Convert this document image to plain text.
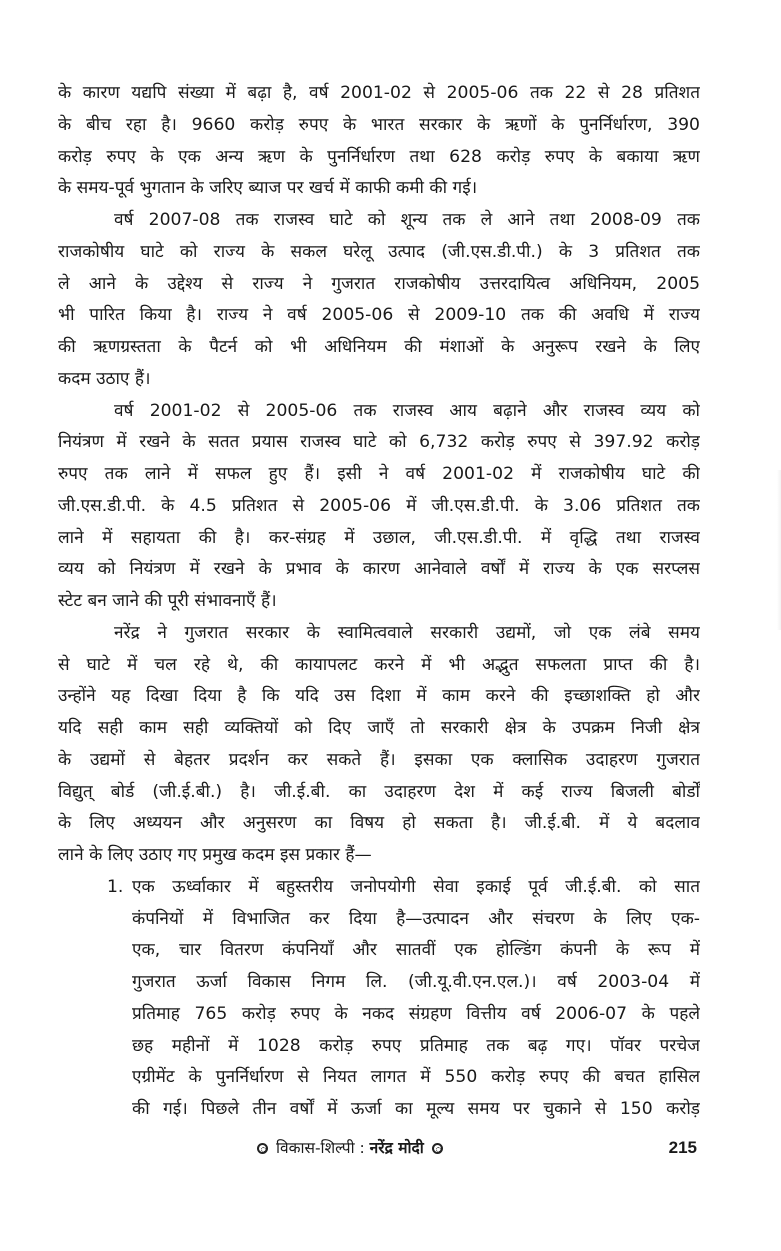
के कारण यद्यपि संख्या में बढ़ा है, वर्ष 2001-02 से 2005-06 तक 22 से 28 प्रतिशत
के बीच रहा है। 9660 करोड़ रुपए के भारत सरकार के ऋणों के पुनर्निर्धारण, 390
करोड़ रुपए के एक अन्य ऋण के पुनर्निर्धारण तथा 628 करोड़ रुपए के बकाया ऋण
के समय-पूर्व भुगतान के जरिए ब्याज पर खर्च में काफी कमी की गई।
वर्ष 2007-08 तक राजस्व घाटे को शून्य तक ले आने तथा 2008-09 तक
राजकोषीय घाटे को राज्य के सकल घरेलू उत्पाद (जी.एस.डी.पी.) के 3 प्रतिशत तक
ले आने के उद्देश्य से राज्य ने गुजरात राजकोषीय उत्तरदायित्व अधिनियम, 2005
भी पारित किया है। राज्य ने वर्ष 2005-06 से 2009-10 तक की अवधि में राज्य
की ऋणग्रस्तता के पैटर्न को भी अधिनियम की मंशाओं के अनुरूप रखने के लिए
कदम उठाए हैं।
वर्ष 2001-02 से 2005-06 तक राजस्व आय बढ़ाने और राजस्व व्यय को
नियंत्रण में रखने के सतत प्रयास राजस्व घाटे को 6,732 करोड़ रुपए से 397.92 करोड़
रुपए तक लाने में सफल हुए हैं। इसी ने वर्ष 2001-02 में राजकोषीय घाटे की
जी.एस.डी.पी. के 4.5 प्रतिशत से 2005-06 में जी.एस.डी.पी. के 3.06 प्रतिशत तक
लाने में सहायता की है। कर-संग्रह में उछाल, जी.एस.डी.पी. में वृद्धि तथा राजस्व
व्यय को नियंत्रण में रखने के प्रभाव के कारण आनेवाले वर्षों में राज्य के एक सरप्लस
स्टेट बन जाने की पूरी संभावनाएँ हैं।
नरेंद्र ने गुजरात सरकार के स्वामित्ववाले सरकारी उद्यमों, जो एक लंबे समय
से घाटे में चल रहे थे, की कायापलट करने में भी अद्भुत सफलता प्राप्त की है।
उन्होंने यह दिखा दिया है कि यदि उस दिशा में काम करने की इच्छाशक्ति हो और
यदि सही काम सही व्यक्तियों को दिए जाएँ तो सरकारी क्षेत्र के उपक्रम निजी क्षेत्र
के उद्यमों से बेहतर प्रदर्शन कर सकते हैं। इसका एक क्लासिक उदाहरण गुजरात
विद्युत् बोर्ड (जी.ई.बी.) है। जी.ई.बी. का उदाहरण देश में कई राज्य बिजली बोर्डों
के लिए अध्ययन और अनुसरण का विषय हो सकता है। जी.ई.बी. में ये बदलाव
लाने के लिए उठाए गए प्रमुख कदम इस प्रकार हैं—
1. एक ऊर्ध्वाकार में बहुस्तरीय जनोपयोगी सेवा इकाई पूर्व जी.ई.बी. को सात
कंपनियों में विभाजित कर दिया है—उत्पादन और संचरण के लिए एक-
एक, चार वितरण कंपनियाँ और सातवीं एक होल्डिंग कंपनी के रूप में
गुजरात ऊर्जा विकास निगम लि. (जी.यू.वी.एन.एल.)। वर्ष 2003-04 में
प्रतिमाह 765 करोड़ रुपए के नकद संग्रहण वित्तीय वर्ष 2006-07 के पहले
छह महीनों में 1028 करोड़ रुपए प्रतिमाह तक बढ़ गए। पॉवर परचेज
एग्रीमेंट के पुनर्निर्धारण से नियत लागत में 550 करोड़ रुपए की बचत हासिल
की गई। पिछले तीन वर्षों में ऊर्जा का मूल्य समय पर चुकाने से 150 करोड़
विकास-शिल्पी : नरेंद्र मोदी	215
